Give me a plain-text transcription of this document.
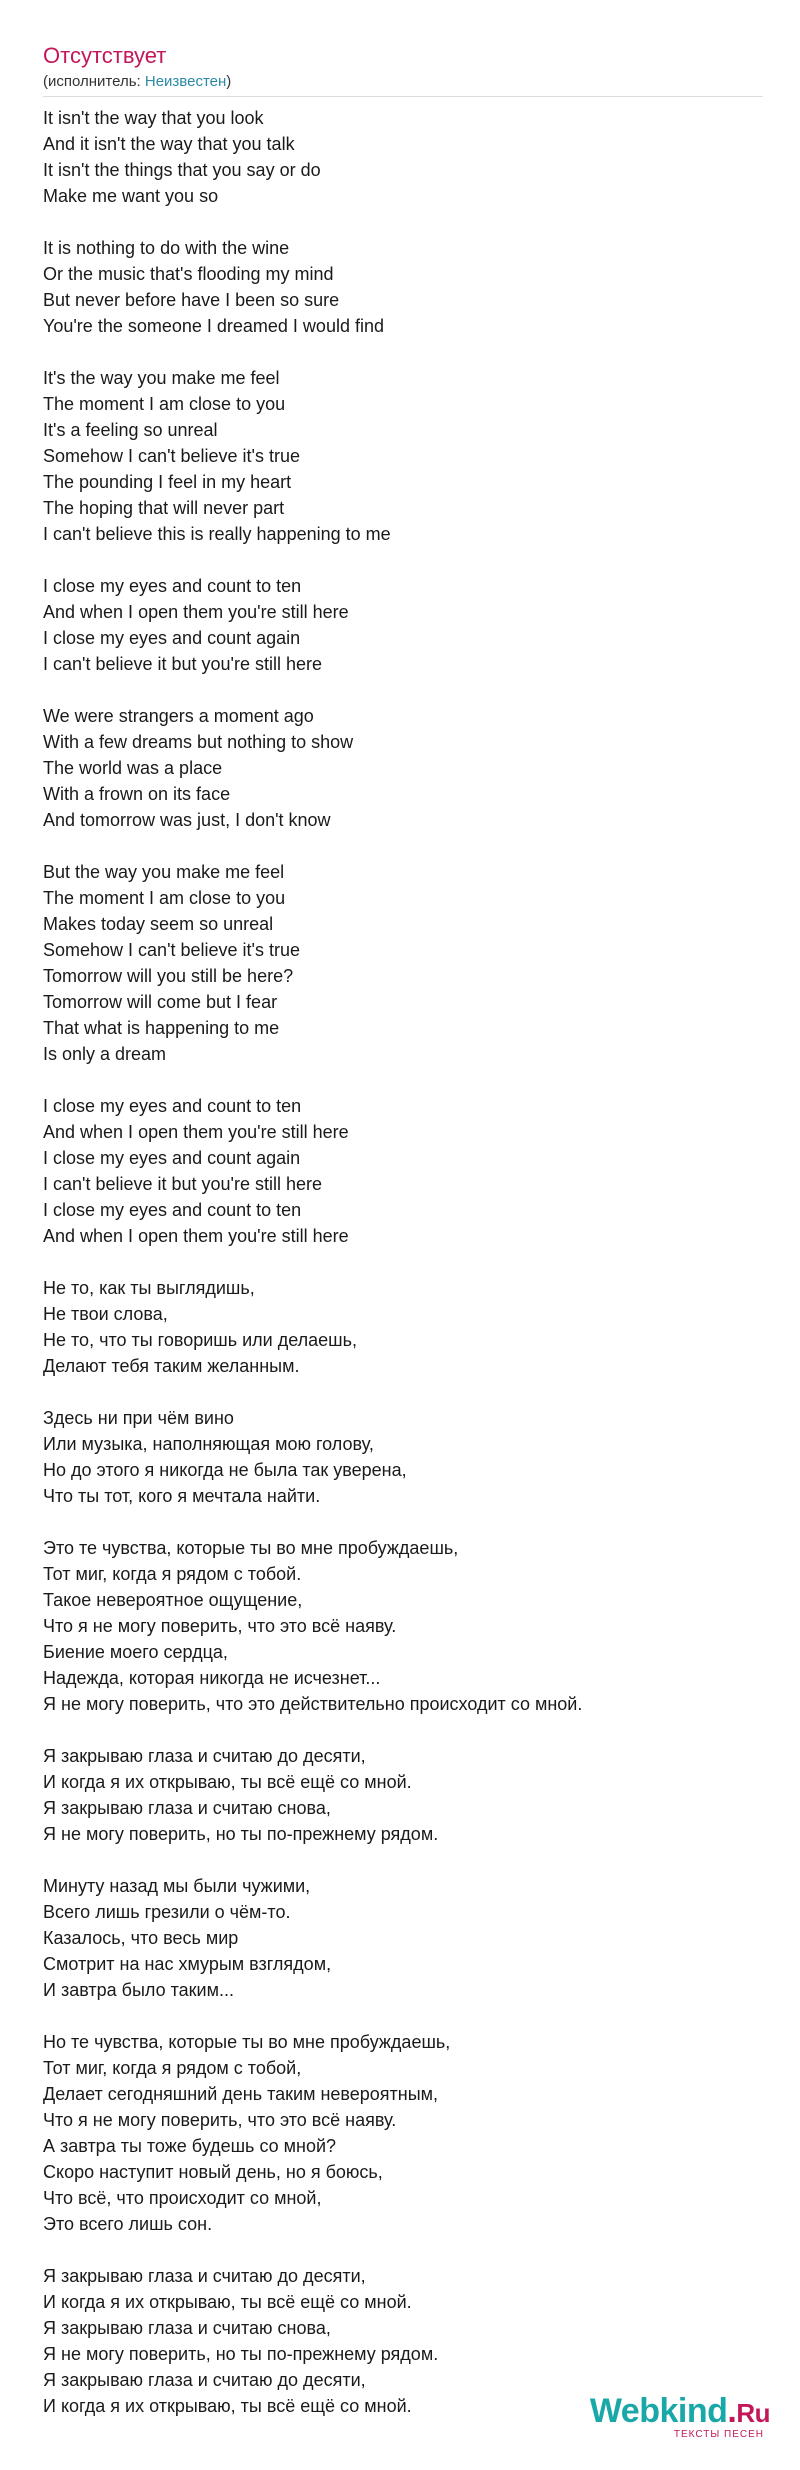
Отсутствует
(исполнитель: Неизвестен)
It isn't the way that you look
And it isn't the way that you talk
It isn't the things that you say or do
Make me want you so
It is nothing to do with the wine
Or the music that's flooding my mind
But never before have I been so sure
You're the someone I dreamed I would find
It's the way you make me feel
The moment I am close to you
It's a feeling so unreal
Somehow I can't believe it's true
The pounding I feel in my heart
The hoping that will never part
I can't believe this is really happening to me
I close my eyes and count to ten
And when I open them you're still here
I close my eyes and count again
I can't believe it but you're still here
We were strangers a moment ago
With a few dreams but nothing to show
The world was a place
With a frown on its face
And tomorrow was just, I don't know
But the way you make me feel
The moment I am close to you
Makes today seem so unreal
Somehow I can't believe it's true
Tomorrow will you still be here?
Tomorrow will come but I fear
That what is happening to me
Is only a dream
I close my eyes and count to ten
And when I open them you're still here
I close my eyes and count again
I can't believe it but you're still here
I close my eyes and count to ten
And when I open them you're still here
Не то, как ты выглядишь,
Не твои слова,
Не то, что ты говоришь или делаешь,
Делают тебя таким желанным.
Здесь ни при чём вино
Или музыка, наполняющая мою голову,
Но до этого я никогда не была так уверена,
Что ты тот, кого я мечтала найти.
Это те чувства, которые ты во мне пробуждаешь,
Тот миг, когда я рядом с тобой.
Такое невероятное ощущение,
Что я не могу поверить, что это всё наяву.
Биение моего сердца,
Надежда, которая никогда не исчезнет...
Я не могу поверить, что это действительно происходит со мной.
Я закрываю глаза и считаю до десяти,
И когда я их открываю, ты всё ещё со мной.
Я закрываю глаза и считаю снова,
Я не могу поверить, но ты по-прежнему рядом.
Минуту назад мы были чужими,
Всего лишь грезили о чём-то.
Казалось, что весь мир
Смотрит на нас хмурым взглядом,
И завтра было таким...
Но те чувства, которые ты во мне пробуждаешь,
Тот миг, когда я рядом с тобой,
Делает сегодняшний день таким невероятным,
Что я не могу поверить, что это всё наяву.
А завтра ты тоже будешь со мной?
Скоро наступит новый день, но я боюсь,
Что всё, что происходит со мной,
Это всего лишь сон.
Я закрываю глаза и считаю до десяти,
И когда я их открываю, ты всё ещё со мной.
Я закрываю глаза и считаю снова,
Я не могу поверить, но ты по-прежнему рядом.
Я закрываю глаза и считаю до десяти,
И когда я их открываю, ты всё ещё со мной.	Webkind.Ru
ТЕКСТЫ ПЕСЕН
